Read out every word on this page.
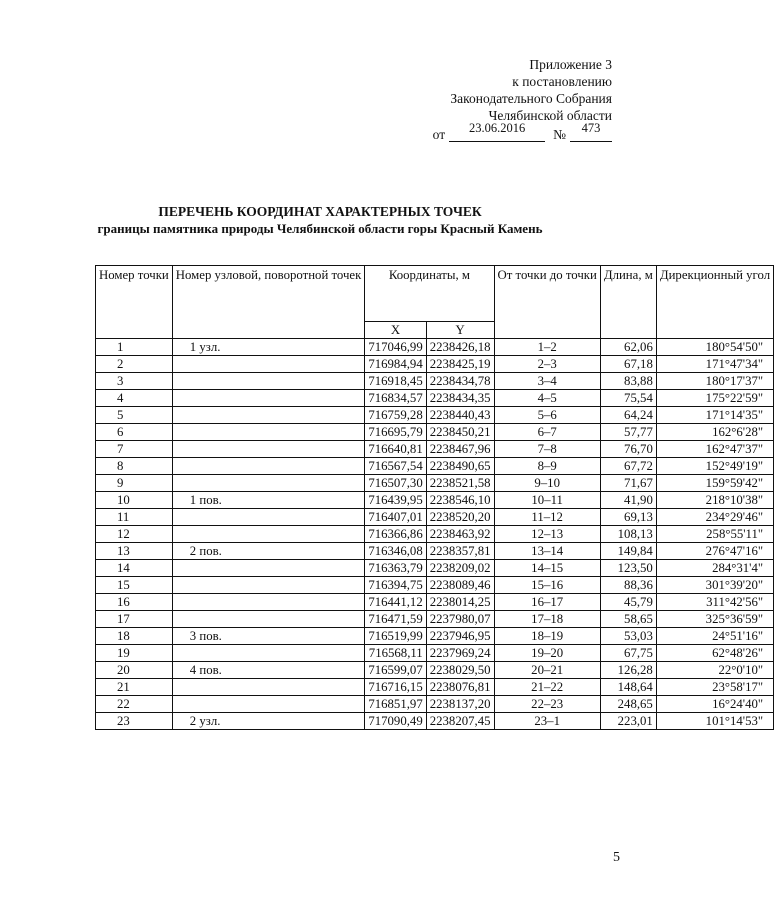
Приложение 3
к постановлению
Законодательного Собрания
Челябинской области
от 23.06.2016 № 473
ПЕРЕЧЕНЬ КООРДИНАТ ХАРАКТЕРНЫХ ТОЧЕК
границы памятника природы Челябинской области горы Красный Камень
Номер точки	Номер узловой, поворотной точек	Координаты, м		От точки до точки	Длина, м	Дирекционный угол
		X	Y			
1	1 узл.	717046,99	2238426,18	1–2	62,06	180°54'50"
2		716984,94	2238425,19	2–3	67,18	171°47'34"
3		716918,45	2238434,78	3–4	83,88	180°17'37"
4		716834,57	2238434,35	4–5	75,54	175°22'59"
5		716759,28	2238440,43	5–6	64,24	171°14'35"
6		716695,79	2238450,21	6–7	57,77	162°6'28"
7		716640,81	2238467,96	7–8	76,70	162°47'37"
8		716567,54	2238490,65	8–9	67,72	152°49'19"
9		716507,30	2238521,58	9–10	71,67	159°59'42"
10	1 пов.	716439,95	2238546,10	10–11	41,90	218°10'38"
11		716407,01	2238520,20	11–12	69,13	234°29'46"
12		716366,86	2238463,92	12–13	108,13	258°55'11"
13	2 пов.	716346,08	2238357,81	13–14	149,84	276°47'16"
14		716363,79	2238209,02	14–15	123,50	284°31'4"
15		716394,75	2238089,46	15–16	88,36	301°39'20"
16		716441,12	2238014,25	16–17	45,79	311°42'56"
17		716471,59	2237980,07	17–18	58,65	325°36'59"
18	3 пов.	716519,99	2237946,95	18–19	53,03	24°51'16"
19		716568,11	2237969,24	19–20	67,75	62°48'26"
20	4 пов.	716599,07	2238029,50	20–21	126,28	22°0'10"
21		716716,15	2238076,81	21–22	148,64	23°58'17"
22		716851,97	2238137,20	22–23	248,65	16°24'40"
23	2 узл.	717090,49	2238207,45	23–1	223,01	101°14'53"
5
